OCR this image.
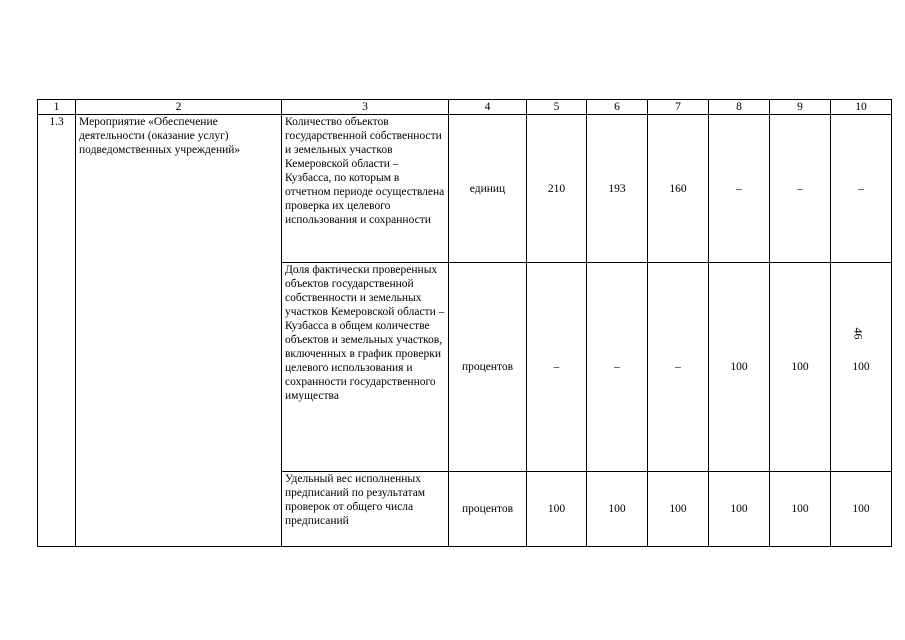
1	2	3	4	5	6	7	8	9	10
1.3	Мероприятие «Обеспечение деятельности (оказание услуг) подведомственных учреждений»	Количество объектов государственной собственности и земельных участков Кемеровской области – Кузбасса, по которым в отчетном периоде осуществлена проверка их целевого использования и сохранности	единиц	210	193	160	–	–	–
		Доля фактически проверенных объектов государственной собственности и земельных участков Кемеровской области – Кузбасса в общем количестве объектов и земельных участков, включенных в график проверки целевого использования и сохранности государственного имущества	процентов	–	–	–	100	100	100
		Удельный вес исполненных предписаний по результатам проверок от общего числа предписаний	процентов	100	100	100	100	100	100
46
